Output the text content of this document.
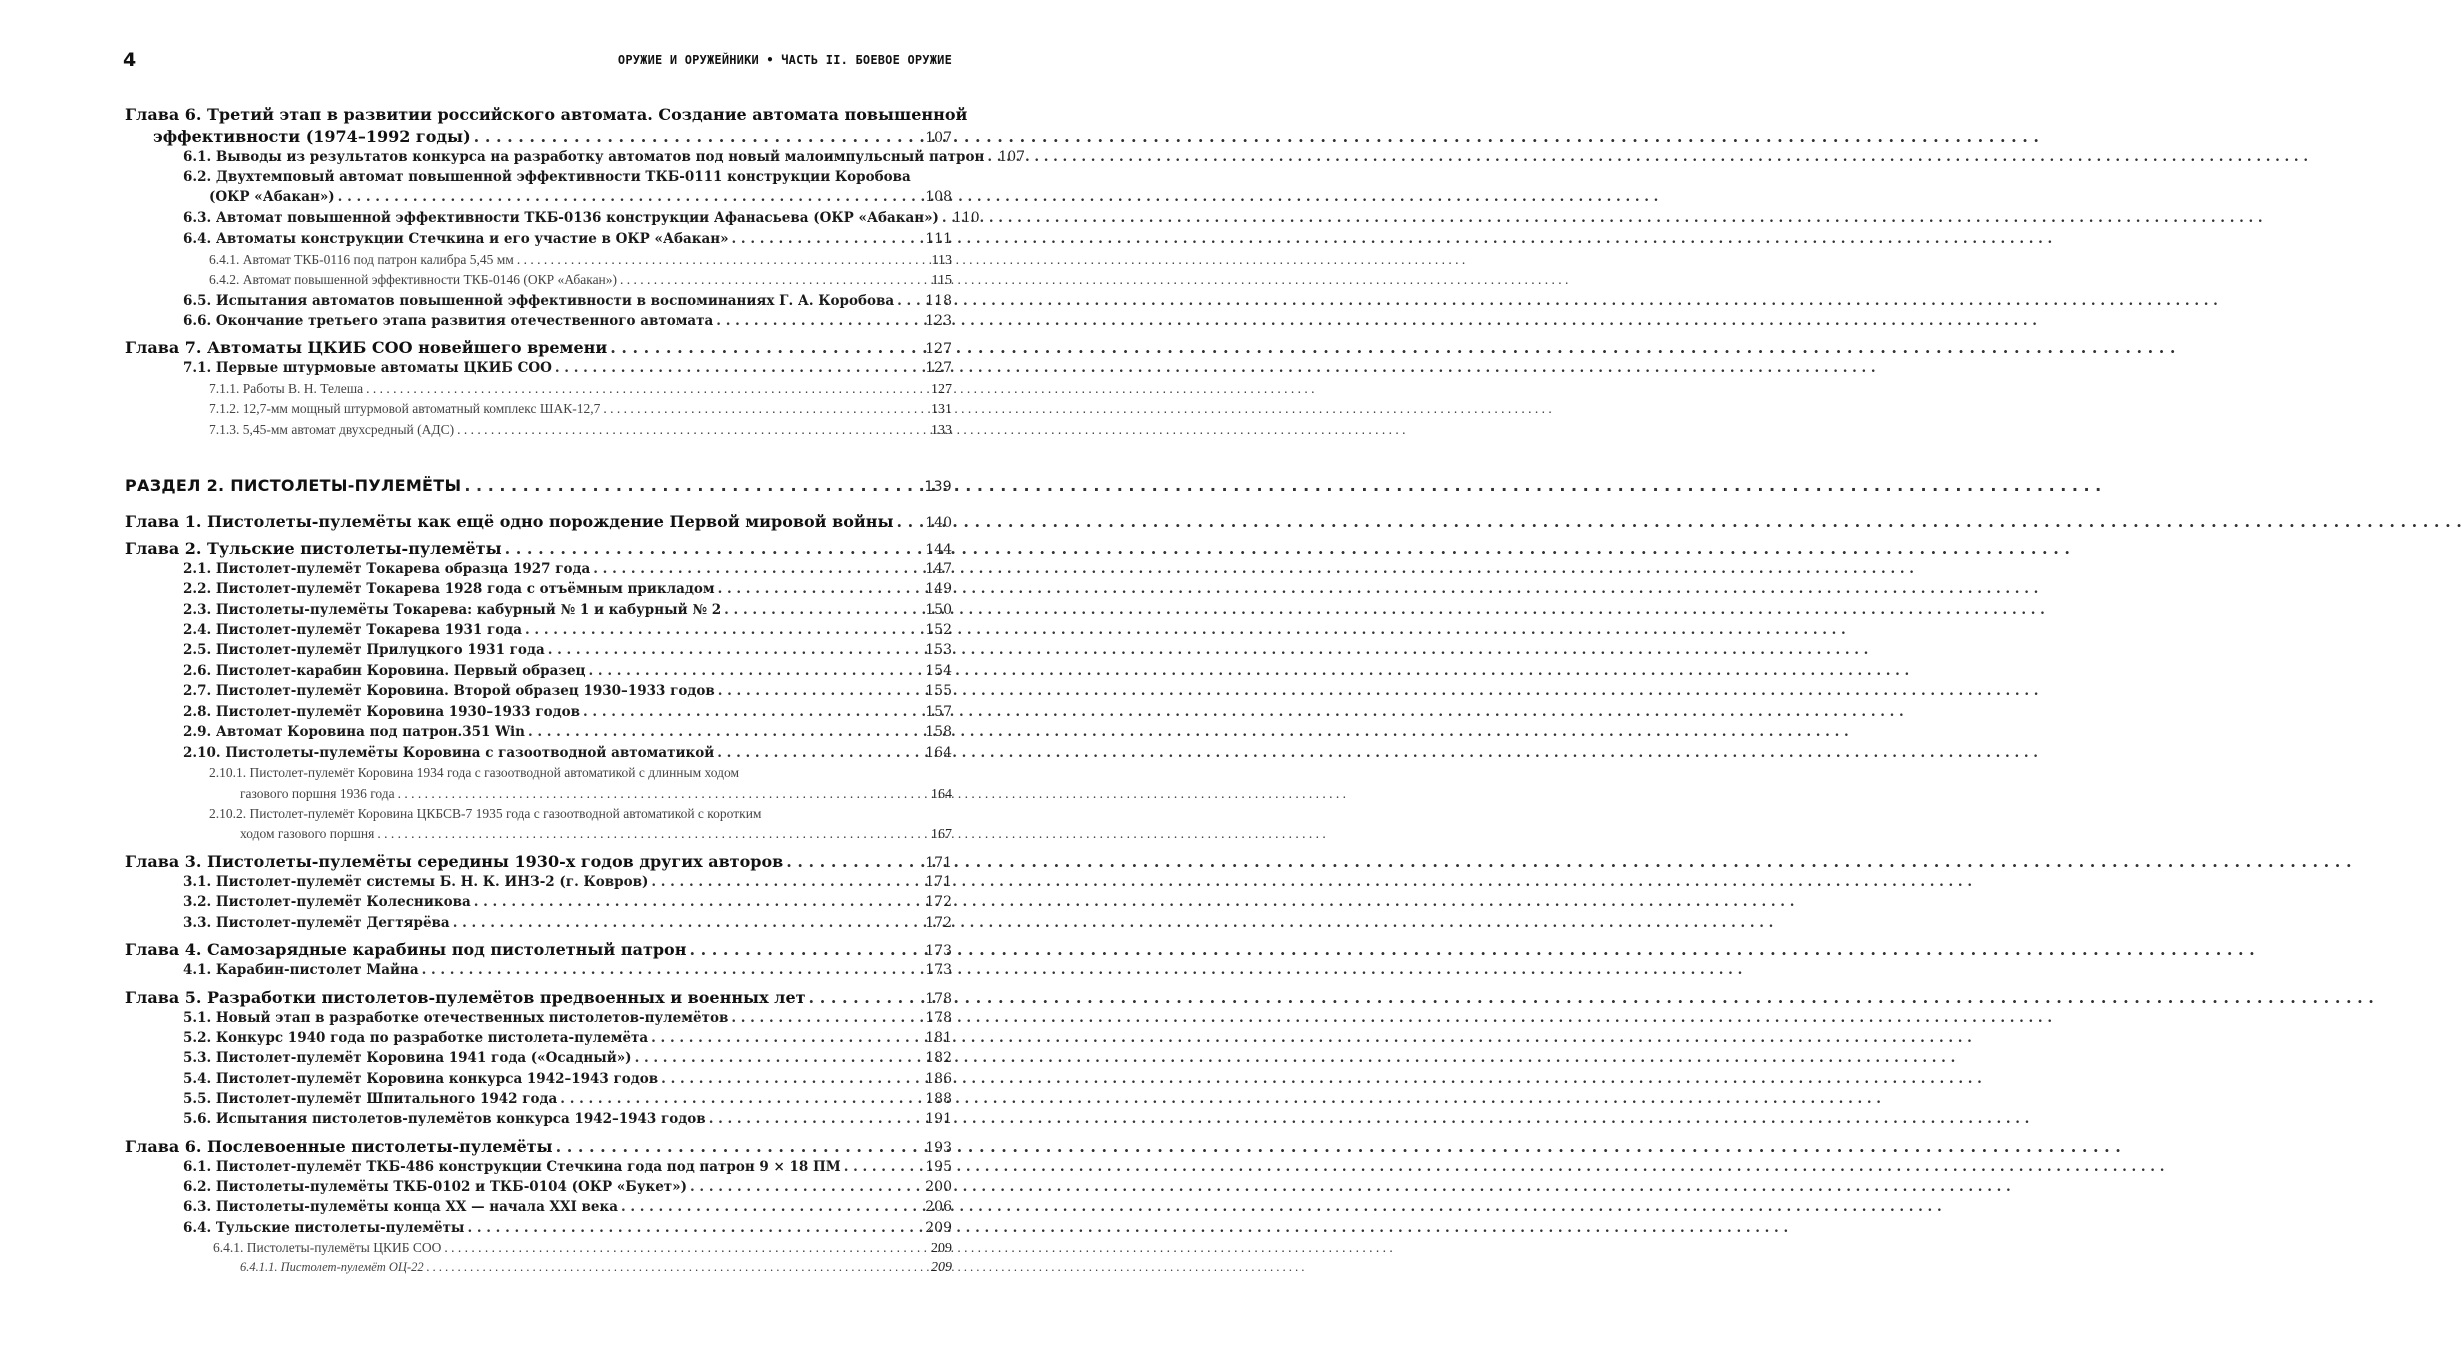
4	ОРУЖИЕ И ОРУЖЕЙНИКИ • ЧАСТЬ II. БОЕВОЕ ОРУЖИЕ
Глава 6. Третий этап в развитии российского автомата. Создание автомата повышенной
эффективности (1974–1992 годы) . . .	107
6.1. Выводы из результатов конкурса на разработку автоматов под новый малоимпульсный патрон . . . 107
6.2. Двухтемповый автомат повышенной эффективности ТКБ-0111 конструкции Коробова
(ОКР «Абакан») . . .	108
6.3. Автомат повышенной эффективности ТКБ-0136 конструкции Афанасьева (ОКР «Абакан») . . . 110
6.4. Автоматы конструкции Стечкина и его участие в ОКР «Абакан» . . .	111
6.4.1. Автомат ТКБ-0116 под патрон калибра 5,45 мм . . .	113
6.4.2. Автомат повышенной эффективности ТКБ-0146 (ОКР «Абакан») . . .	115
6.5. Испытания автоматов повышенной эффективности в воспоминаниях Г. А. Коробова . . . 118
6.6. Окончание третьего этапа развития отечественного автомата . . .	123
Глава 7. Автоматы ЦКИБ СОО новейшего времени . . .	127
7.1. Первые штурмовые автоматы ЦКИБ СОО . . .	127
7.1.1. Работы В. Н. Телеша . . .	127
7.1.2. 12,7-мм мощный штурмовой автоматный комплекс ШАК-12,7 . . .	131
7.1.3. 5,45-мм автомат двухсредный (АДС) . . .	133
РАЗДЕЛ 2. ПИСТОЛЕТЫ-ПУЛЕМЁТЫ . . .	139
Глава 1. Пистолеты-пулемёты как ещё одно порождение Первой мировой войны . . . 140
Глава 2. Тульские пистолеты-пулемёты . . .	144
2.1. Пистолет-пулемёт Токарева образца 1927 года . . .	147
2.2. Пистолет-пулемёт Токарева 1928 года с отъёмным прикладом . . .	149
2.3. Пистолеты-пулемёты Токарева: кабурный № 1 и кабурный № 2 . . .	150
2.4. Пистолет-пулемёт Токарева 1931 года . . .	152
2.5. Пистолет-пулемёт Прилуцкого 1931 года . . .	153
2.6. Пистолет-карабин Коровина. Первый образец . . .	154
2.7. Пистолет-пулемёт Коровина. Второй образец 1930–1933 годов . . .	155
2.8. Пистолет-пулемёт Коровина 1930–1933 годов . . .	157
2.9. Автомат Коровина под патрон.351 Win . . .	158
2.10. Пистолеты-пулемёты Коровина с газоотводной автоматикой . . .	164
2.10.1. Пистолет-пулемёт Коровина 1934 года с газоотводной автоматикой с длинным ходом
газового поршня 1936 года . . .	164
2.10.2. Пистолет-пулемёт Коровина ЦКБСВ-7 1935 года с газоотводной автоматикой с коротким
ходом газового поршня . . .	167
Глава 3. Пистолеты-пулемёты середины 1930-х годов других авторов . . .	171
3.1. Пистолет-пулемёт системы Б. Н. К. ИНЗ-2 (г. Ковров) . . .	171
3.2. Пистолет-пулемёт Колесникова . . .	172
3.3. Пистолет-пулемёт Дегтярёва . . .	172
Глава 4. Самозарядные карабины под пистолетный патрон . . .	173
4.1. Карабин-пистолет Майна . . .	173
Глава 5. Разработки пистолетов-пулемётов предвоенных и военных лет . . .	178
5.1. Новый этап в разработке отечественных пистолетов-пулемётов . . .	178
5.2. Конкурс 1940 года по разработке пистолета-пулемёта . . .	181
5.3. Пистолет-пулемёт Коровина 1941 года («Осадный») . . .	182
5.4. Пистолет-пулемёт Коровина конкурса 1942–1943 годов . . .	186
5.5. Пистолет-пулемёт Шпитального 1942 года . . .	188
5.6. Испытания пистолетов-пулемётов конкурса 1942–1943 годов . . .	191
Глава 6. Послевоенные пистолеты-пулемёты . . .	193
6.1. Пистолет-пулемёт ТКБ-486 конструкции Стечкина года под патрон 9 × 18 ПМ . . .	195
6.2. Пистолеты-пулемёты ТКБ-0102 и ТКБ-0104 (ОКР «Букет») . . .	200
6.3. Пистолеты-пулемёты конца XX — начала XXI века . . .	206
6.4. Тульские пистолеты-пулемёты . . .	209
6.4.1. Пистолеты-пулемёты ЦКИБ СОО . . .	209
6.4.1.1. Пистолет-пулемёт ОЦ-22 . . .	209
